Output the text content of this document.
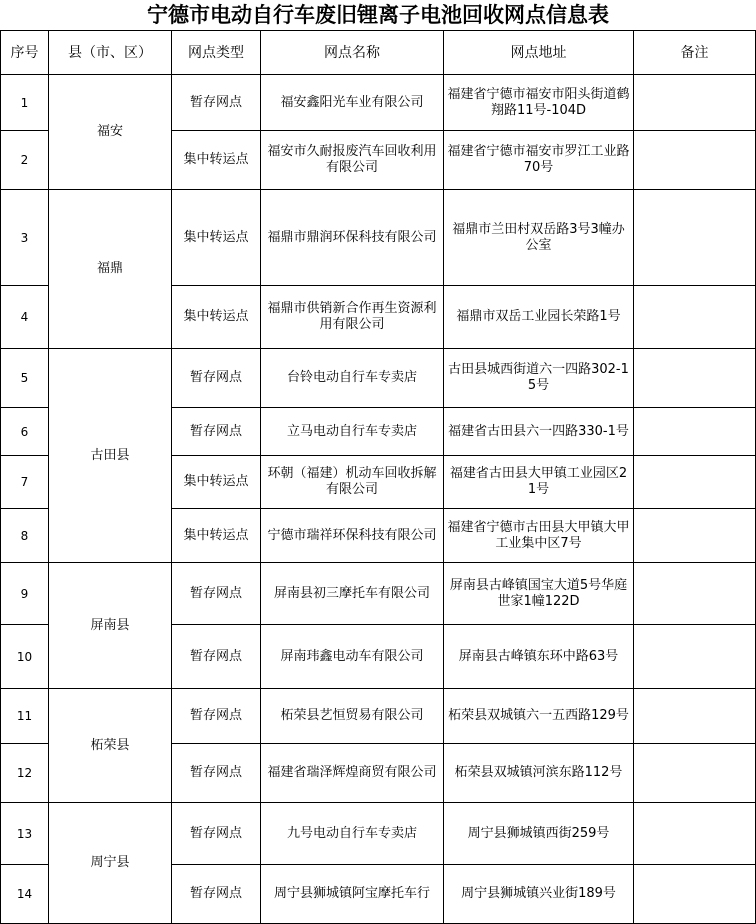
宁德市电动自行车废旧锂离子电池回收网点信息表
序号	县（市、区）	网点类型	网点名称	网点地址	备注
1	福安	暂存网点	福安鑫阳光车业有限公司	福建省宁德市福安市阳头街道鹤翔路11号-104D	
2		集中转运点	福安市久耐报废汽车回收利用有限公司	福建省宁德市福安市罗江工业路70号	
3	福鼎	集中转运点	福鼎市鼎润环保科技有限公司	福鼎市兰田村双岳路3号3幢办公室	
4		集中转运点	福鼎市供销新合作再生资源利用有限公司	福鼎市双岳工业园长荣路1号	
5	古田县	暂存网点	台铃电动自行车专卖店	古田县城西街道六一四路302-15号	
6		暂存网点	立马电动自行车专卖店	福建省古田县六一四路330-1号	
7		集中转运点	环朝（福建）机动车回收拆解有限公司	福建省古田县大甲镇工业园区21号	
8		集中转运点	宁德市瑞祥环保科技有限公司	福建省宁德市古田县大甲镇大甲工业集中区7号	
9	屏南县	暂存网点	屏南县初三摩托车有限公司	屏南县古峰镇国宝大道5号华庭世家1幢122D	
10		暂存网点	屏南玮鑫电动车有限公司	屏南县古峰镇东环中路63号	
11	柘荣县	暂存网点	柘荣县艺恒贸易有限公司	柘荣县双城镇六一五西路129号	
12		暂存网点	福建省瑞泽辉煌商贸有限公司	柘荣县双城镇河滨东路112号	
13	周宁县	暂存网点	九号电动自行车专卖店	周宁县狮城镇西街259号	
14		暂存网点	周宁县狮城镇阿宝摩托车行	周宁县狮城镇兴业街189号	
